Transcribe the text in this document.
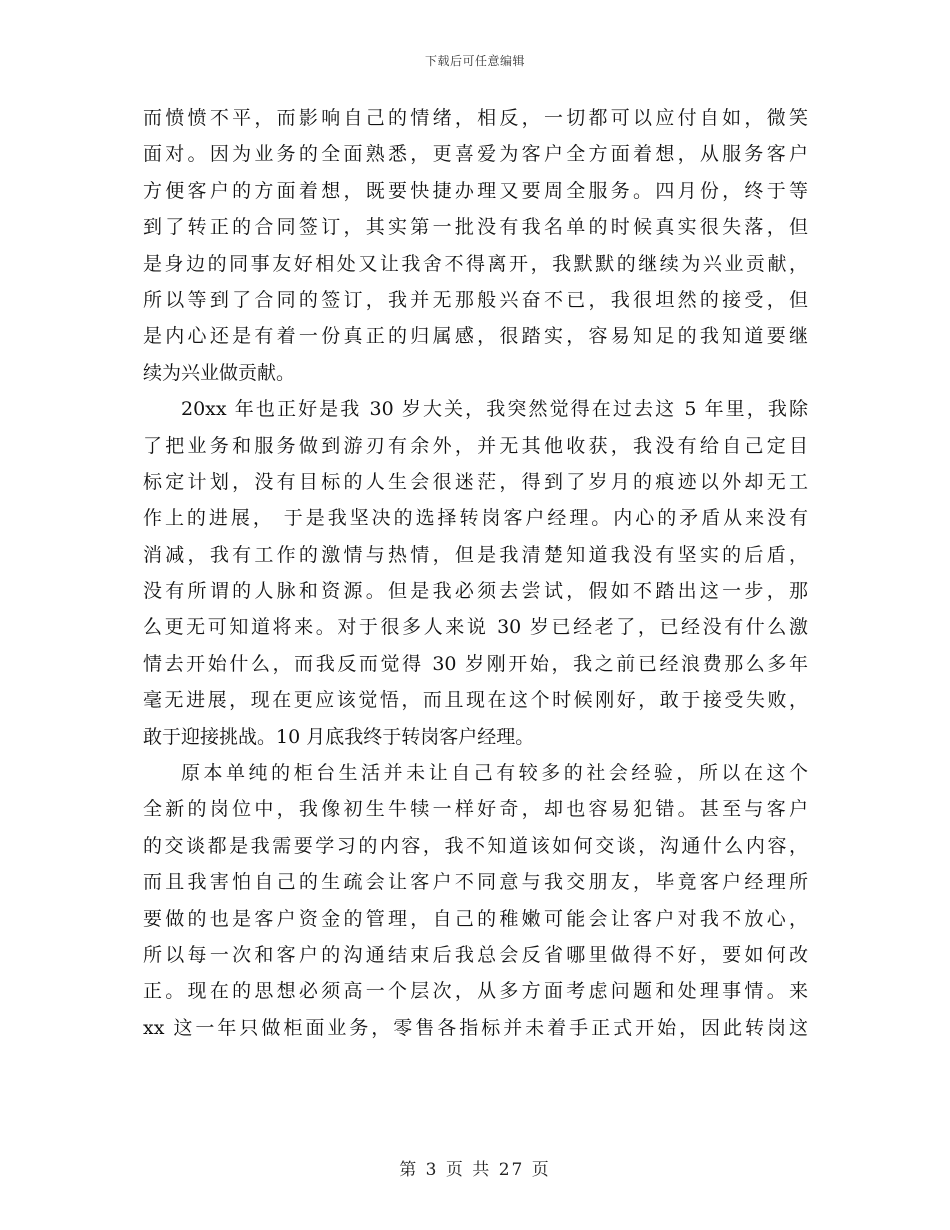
下载后可任意编辑
而愤愤不平，而影响自己的情绪，相反，一切都可以应付自如，微笑
面对。因为业务的全面熟悉，更喜爱为客户全方面着想，从服务客户
方便客户的方面着想，既要快捷办理又要周全服务。四月份，终于等
到了转正的合同签订，其实第一批没有我名单的时候真实很失落，但
是身边的同事友好相处又让我舍不得离开，我默默的继续为兴业贡献，
所以等到了合同的签订，我并无那般兴奋不已，我很坦然的接受，但
是内心还是有着一份真正的归属感，很踏实，容易知足的我知道要继
续为兴业做贡献。
20xx 年也正好是我 30 岁大关，我突然觉得在过去这 5 年里，我除
了把业务和服务做到游刃有余外，并无其他收获，我没有给自己定目
标定计划，没有目标的人生会很迷茫，得到了岁月的痕迹以外却无工
作上的进展， 于是我坚决的选择转岗客户经理。内心的矛盾从来没有
消减，我有工作的激情与热情，但是我清楚知道我没有坚实的后盾，
没有所谓的人脉和资源。但是我必须去尝试，假如不踏出这一步，那
么更无可知道将来。对于很多人来说 30 岁已经老了，已经没有什么激
情去开始什么，而我反而觉得 30 岁刚开始，我之前已经浪费那么多年
毫无进展，现在更应该觉悟，而且现在这个时候刚好，敢于接受失败，
敢于迎接挑战。10 月底我终于转岗客户经理。
原本单纯的柜台生活并未让自己有较多的社会经验，所以在这个
全新的岗位中，我像初生牛犊一样好奇，却也容易犯错。甚至与客户
的交谈都是我需要学习的内容，我不知道该如何交谈，沟通什么内容，
而且我害怕自己的生疏会让客户不同意与我交朋友，毕竟客户经理所
要做的也是客户资金的管理，自己的稚嫩可能会让客户对我不放心，
所以每一次和客户的沟通结束后我总会反省哪里做得不好，要如何改
正。现在的思想必须高一个层次，从多方面考虑问题和处理事情。来
xx 这一年只做柜面业务，零售各指标并未着手正式开始，因此转岗这
第 3 页 共 27 页
